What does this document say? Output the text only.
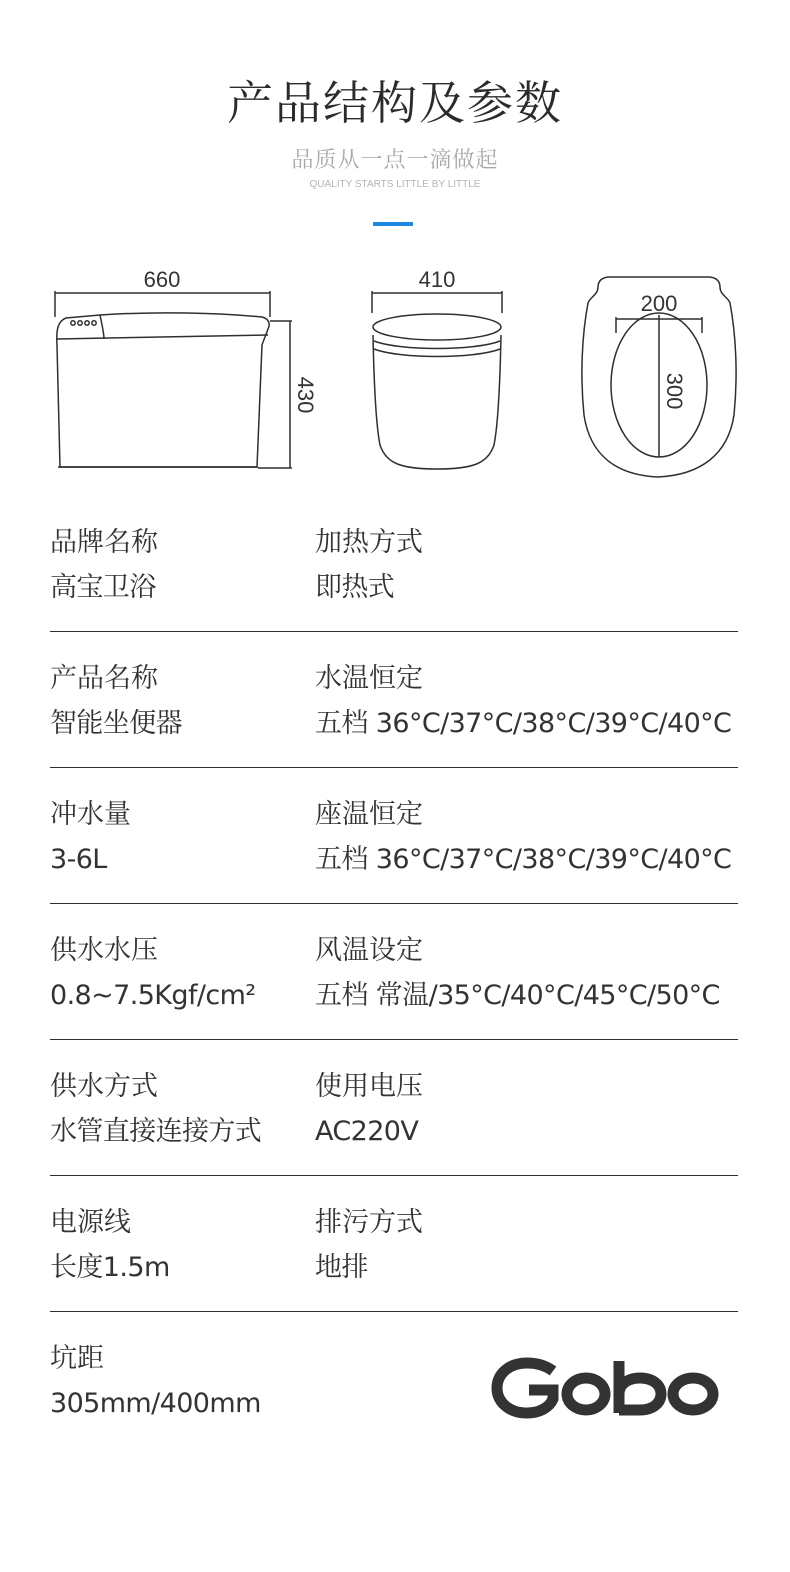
产品结构及参数
品质从一点一滴做起
QUALITY STARTS LITTLE BY LITTLE
660
430
410
200
300
品牌名称
高宝卫浴
加热方式
即热式
产品名称
智能坐便器
水温恒定
五档 36°C/37°C/38°C/39°C/40°C
冲水量
3-6L
座温恒定
五档 36°C/37°C/38°C/39°C/40°C
供水水压
0.8~7.5Kgf/cm²
风温设定
五档 常温/35°C/40°C/45°C/50°C
供水方式
水管直接连接方式
使用电压
AC220V
电源线
长度1.5m
排污方式
地排
坑距
305mm/400mm
